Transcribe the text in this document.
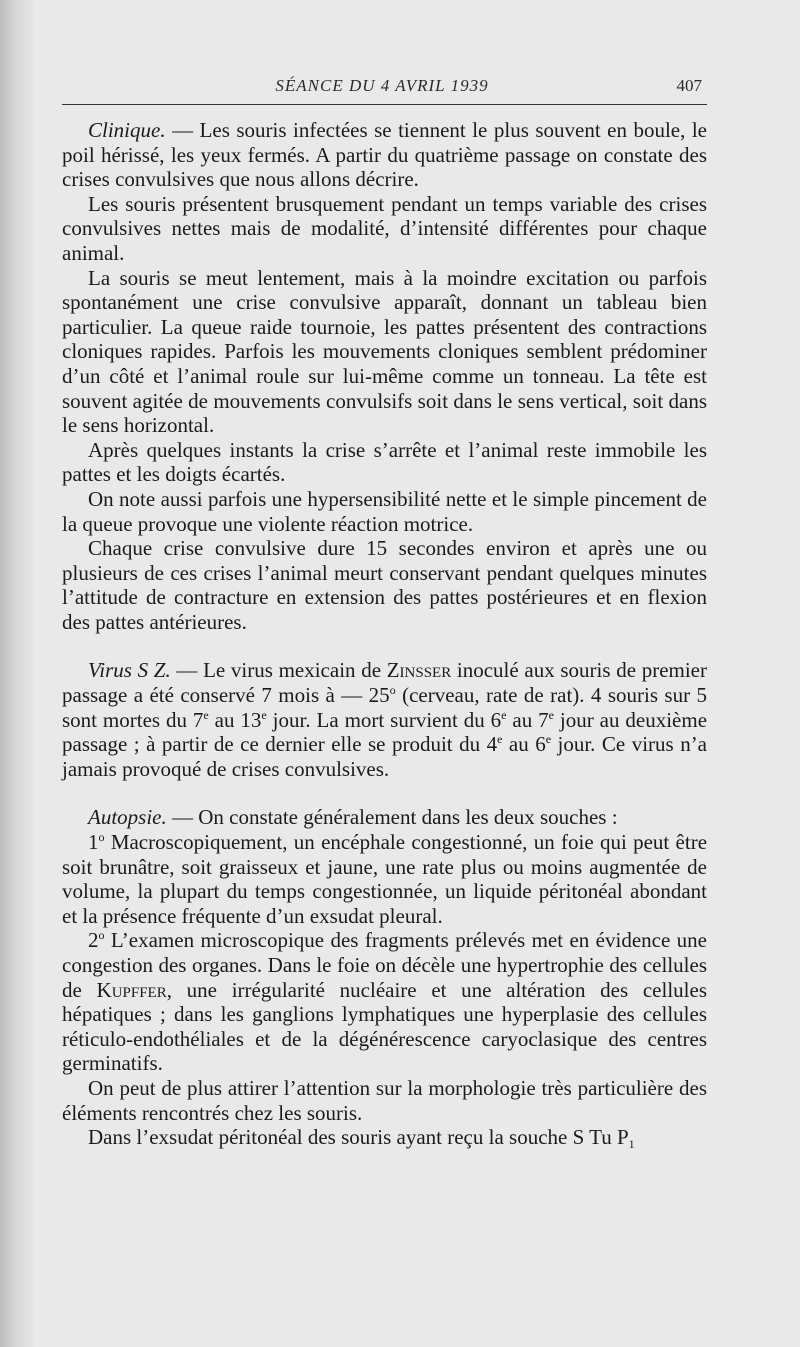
SÉANCE DU 4 AVRIL 1939	407

Clinique. — Les souris infectées se tiennent le plus souvent en boule, le poil hérissé, les yeux fermés. A partir du quatrième passage on constate des crises convulsives que nous allons décrire.

Les souris présentent brusquement pendant un temps variable des crises convulsives nettes mais de modalité, d’intensité différentes pour chaque animal.

La souris se meut lentement, mais à la moindre excitation ou parfois spontanément une crise convulsive apparaît, donnant un tableau bien particulier. La queue raide tournoie, les pattes présentent des contractions cloniques rapides. Parfois les mouvements cloniques semblent prédominer d’un côté et l’animal roule sur lui-même comme un tonneau. La tête est souvent agitée de mouvements convulsifs soit dans le sens vertical, soit dans le sens horizontal.

Après quelques instants la crise s’arrête et l’animal reste immobile les pattes et les doigts écartés.

On note aussi parfois une hypersensibilité nette et le simple pincement de la queue provoque une violente réaction motrice.

Chaque crise convulsive dure 15 secondes environ et après une ou plusieurs de ces crises l’animal meurt conservant pendant quelques minutes l’attitude de contracture en extension des pattes postérieures et en flexion des pattes antérieures.

Virus S Z. — Le virus mexicain de Zinsser inoculé aux souris de premier passage a été conservé 7 mois à — 25$^o$ (cerveau, rate de rat). 4 souris sur 5 sont mortes du 7e au 13e jour. La mort survient du 6e au 7e jour au deuxième passage ; à partir de ce dernier elle se produit du 4e au 6e jour. Ce virus n’a jamais provoqué de crises convulsives.

Autopsie. — On constate généralement dans les deux souches :

1$^o$ Macroscopiquement, un encéphale congestionné, un foie qui peut être soit brunâtre, soit graisseux et jaune, une rate plus ou moins augmentée de volume, la plupart du temps congestionnée, un liquide péritonéal abondant et la présence fréquente d’un exsudat pleural.

2$^o$ L’examen microscopique des fragments prélevés met en évidence une congestion des organes. Dans le foie on décèle une hypertrophie des cellules de Kupffer, une irrégularité nucléaire et une altération des cellules hépatiques ; dans les ganglions lymphatiques une hyperplasie des cellules réticulo-endothéliales et de la dégénérescence caryoclasique des centres germinatifs.

On peut de plus attirer l’attention sur la morphologie très particulière des éléments rencontrés chez les souris.

Dans l’exsudat péritonéal des souris ayant reçu la souche S Tu $P_1$
